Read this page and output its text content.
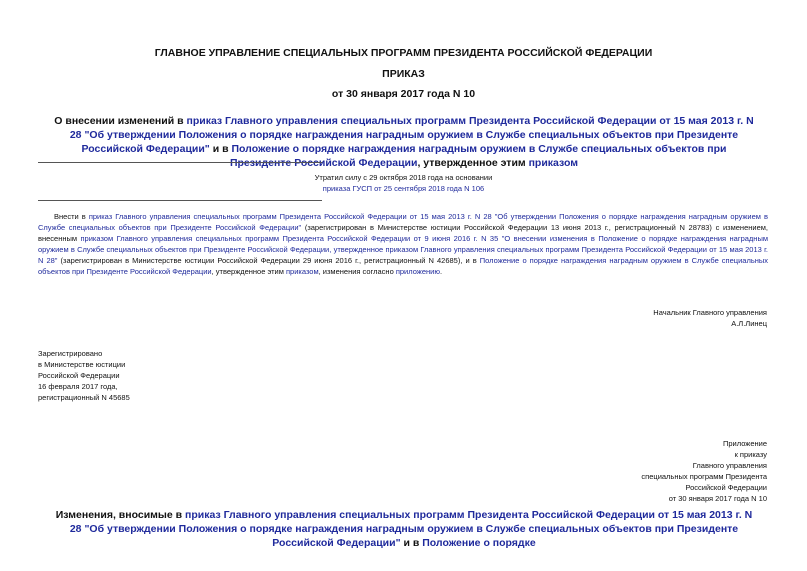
ГЛАВНОЕ УПРАВЛЕНИЕ СПЕЦИАЛЬНЫХ ПРОГРАММ ПРЕЗИДЕНТА РОССИЙСКОЙ ФЕДЕРАЦИИ
ПРИКАЗ
от 30 января 2017 года N 10
О внесении изменений в приказ Главного управления специальных программ Президента Российской Федерации от 15 мая 2013 г. N 28 "Об утверждении Положения о порядке награждения наградным оружием в Службе специальных объектов при Президенте Российской Федерации" и в Положение о порядке награждения наградным оружием в Службе специальных объектов при Президенте Российской Федерации, утвержденное этим приказом
Утратил силу с 29 октября 2018 года на основании
приказа ГУСП от 25 сентября 2018 года N 106
Внести в приказ Главного управления специальных программ Президента Российской Федерации от 15 мая 2013 г. N 28 "Об утверждении Положения о порядке награждения наградным оружием в Службе специальных объектов при Президенте Российской Федерации" (зарегистрирован в Министерстве юстиции Российской Федерации 13 июня 2013 г., регистрационный N 28783) с изменением, внесенным приказом Главного управления специальных программ Президента Российской Федерации от 9 июня 2016 г. N 35 "О внесении изменения в Положение о порядке награждения наградным оружием в Службе специальных объектов при Президенте Российской Федерации, утвержденное приказом Главного управления специальных программ Президента Российской Федерации от 15 мая 2013 г. N 28" (зарегистрирован в Министерстве юстиции Российской Федерации 29 июня 2016 г., регистрационный N 42685), и в Положение о порядке награждения наградным оружием в Службе специальных объектов при Президенте Российской Федерации, утвержденное этим приказом, изменения согласно приложению.
Начальник Главного управления
А.Л.Линец
Зарегистрировано
в Министерстве юстиции
Российской Федерации
16 февраля 2017 года,
регистрационный N 45685
Приложение
к приказу
Главного управления
специальных программ Президента
Российской Федерации
от 30 января 2017 года N 10
Изменения, вносимые в приказ Главного управления специальных программ Президента Российской Федерации от 15 мая 2013 г. N 28 "Об утверждении Положения о порядке награждения наградным оружием в Службе специальных объектов при Президенте Российской Федерации" и в Положение о порядке
